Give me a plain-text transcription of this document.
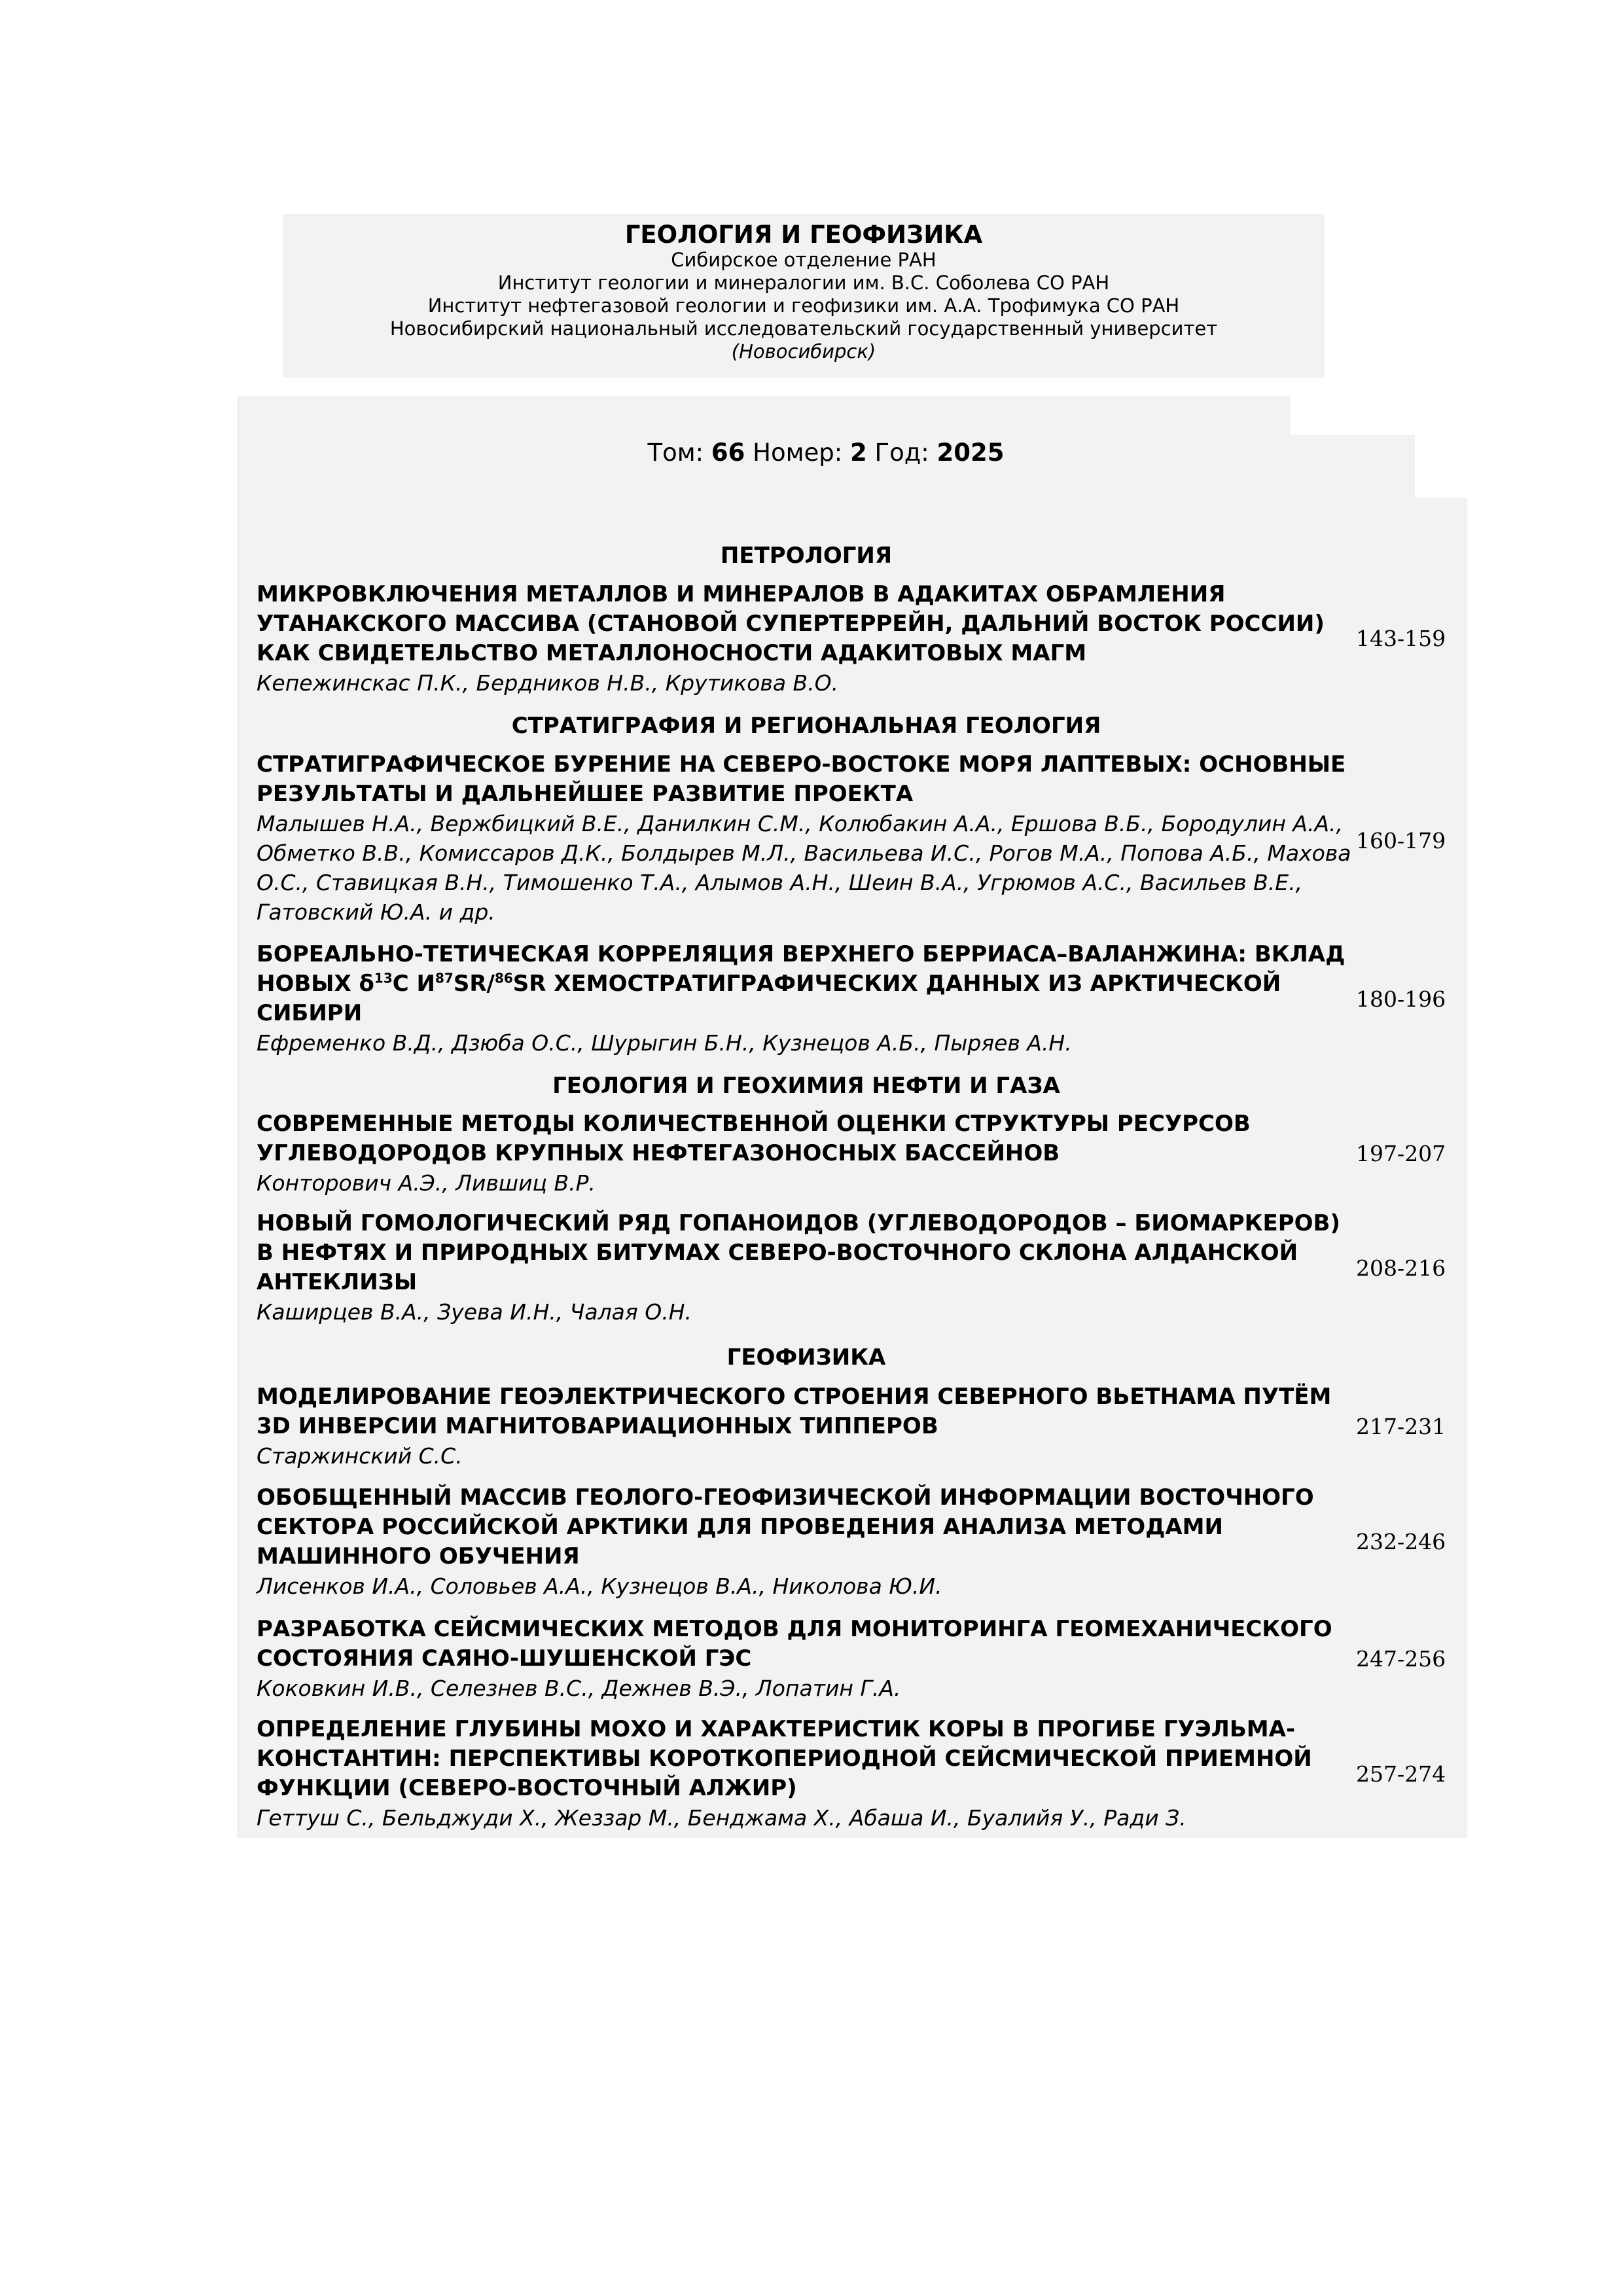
ГЕОЛОГИЯ И ГЕОФИЗИКА
Сибирское отделение РАН
Институт геологии и минералогии им. В.С. Соболева СО РАН
Институт нефтегазовой геологии и геофизики им. А.А. Трофимука СО РАН
Новосибирский национальный исследовательский государственный университет
(Новосибирск)
Том: 66 Номер: 2 Год: 2025
ПЕТРОЛОГИЯ
МИКРОВКЛЮЧЕНИЯ МЕТАЛЛОВ И МИНЕРАЛОВ В АДАКИТАХ ОБРАМЛЕНИЯ УТАНАКСКОГО МАССИВА (СТАНОВОЙ СУПЕРТЕРРЕЙН, ДАЛЬНИЙ ВОСТОК РОССИИ) КАК СВИДЕТЕЛЬСТВО МЕТАЛЛОНОСНОСТИ АДАКИТОВЫХ МАГМ
Кепежинскас П.К., Бердников Н.В., Крутикова В.О.
143-159
СТРАТИГРАФИЯ И РЕГИОНАЛЬНАЯ ГЕОЛОГИЯ
СТРАТИГРАФИЧЕСКОЕ БУРЕНИЕ НА СЕВЕРО-ВОСТОКЕ МОРЯ ЛАПТЕВЫХ: ОСНОВНЫЕ РЕЗУЛЬТАТЫ И ДАЛЬНЕЙШЕЕ РАЗВИТИЕ ПРОЕКТА
Малышев Н.А., Вержбицкий В.Е., Данилкин С.М., Колюбакин А.А., Ершова В.Б., Бородулин А.А., Обметко В.В., Комиссаров Д.К., Болдырев М.Л., Васильева И.С., Рогов М.А., Попова А.Б., Махова О.С., Ставицкая В.Н., Тимошенко Т.А., Алымов А.Н., Шеин В.А., Угрюмов А.С., Васильев В.Е., Гатовский Ю.А. и др.
160-179
БОРЕАЛЬНО-ТЕТИЧЕСКАЯ КОРРЕЛЯЦИЯ ВЕРХНЕГО БЕРРИАСА–ВАЛАНЖИНА: ВКЛАД НОВЫХ $\delta^{13}C$ $И^{87}SR/^{86}SR$ ХЕМОСТРАТИГРАФИЧЕСКИХ ДАННЫХ ИЗ АРКТИЧЕСКОЙ СИБИРИ
Ефременко В.Д., Дзюба О.С., Шурыгин Б.Н., Кузнецов А.Б., Пыряев А.Н.
180-196
ГЕОЛОГИЯ И ГЕОХИМИЯ НЕФТИ И ГАЗА
СОВРЕМЕННЫЕ МЕТОДЫ КОЛИЧЕСТВЕННОЙ ОЦЕНКИ СТРУКТУРЫ РЕСУРСОВ УГЛЕВОДОРОДОВ КРУПНЫХ НЕФТЕГАЗОНОСНЫХ БАССЕЙНОВ
Конторович А.Э., Лившиц В.Р.
197-207
НОВЫЙ ГОМОЛОГИЧЕСКИЙ РЯД ГОПАНОИДОВ (УГЛЕВОДОРОДОВ – БИОМАРКЕРОВ) В НЕФТЯХ И ПРИРОДНЫХ БИТУМАХ СЕВЕРО-ВОСТОЧНОГО СКЛОНА АЛДАНСКОЙ АНТЕКЛИЗЫ
Каширцев В.А., Зуева И.Н., Чалая О.Н.
208-216
ГЕОФИЗИКА
МОДЕЛИРОВАНИЕ ГЕОЭЛЕКТРИЧЕСКОГО СТРОЕНИЯ СЕВЕРНОГО ВЬЕТНАМА ПУТЁМ 3D ИНВЕРСИИ МАГНИТОВАРИАЦИОННЫХ ТИППЕРОВ
Старжинский С.С.
217-231
ОБОБЩЕННЫЙ МАССИВ ГЕОЛОГО-ГЕОФИЗИЧЕСКОЙ ИНФОРМАЦИИ ВОСТОЧНОГО СЕКТОРА РОССИЙСКОЙ АРКТИКИ ДЛЯ ПРОВЕДЕНИЯ АНАЛИЗА МЕТОДАМИ МАШИННОГО ОБУЧЕНИЯ
Лисенков И.А., Соловьев А.А., Кузнецов В.А., Николова Ю.И.
232-246
РАЗРАБОТКА СЕЙСМИЧЕСКИХ МЕТОДОВ ДЛЯ МОНИТОРИНГА ГЕОМЕХАНИЧЕСКОГО СОСТОЯНИЯ САЯНО-ШУШЕНСКОЙ ГЭС
Коковкин И.В., Селезнев В.С., Дежнев В.Э., Лопатин Г.А.
247-256
ОПРЕДЕЛЕНИЕ ГЛУБИНЫ МОХО И ХАРАКТЕРИСТИК КОРЫ В ПРОГИБЕ ГУЭЛЬМА-КОНСТАНТИН: ПЕРСПЕКТИВЫ КОРОТКОПЕРИОДНОЙ СЕЙСМИЧЕСКОЙ ПРИЕМНОЙ ФУНКЦИИ (СЕВЕРО-ВОСТОЧНЫЙ АЛЖИР)
Геттуш С., Бельджуди Х., Жеззар М., Бенджама Х., Абаша И., Буалийя У., Ради З.
257-274
